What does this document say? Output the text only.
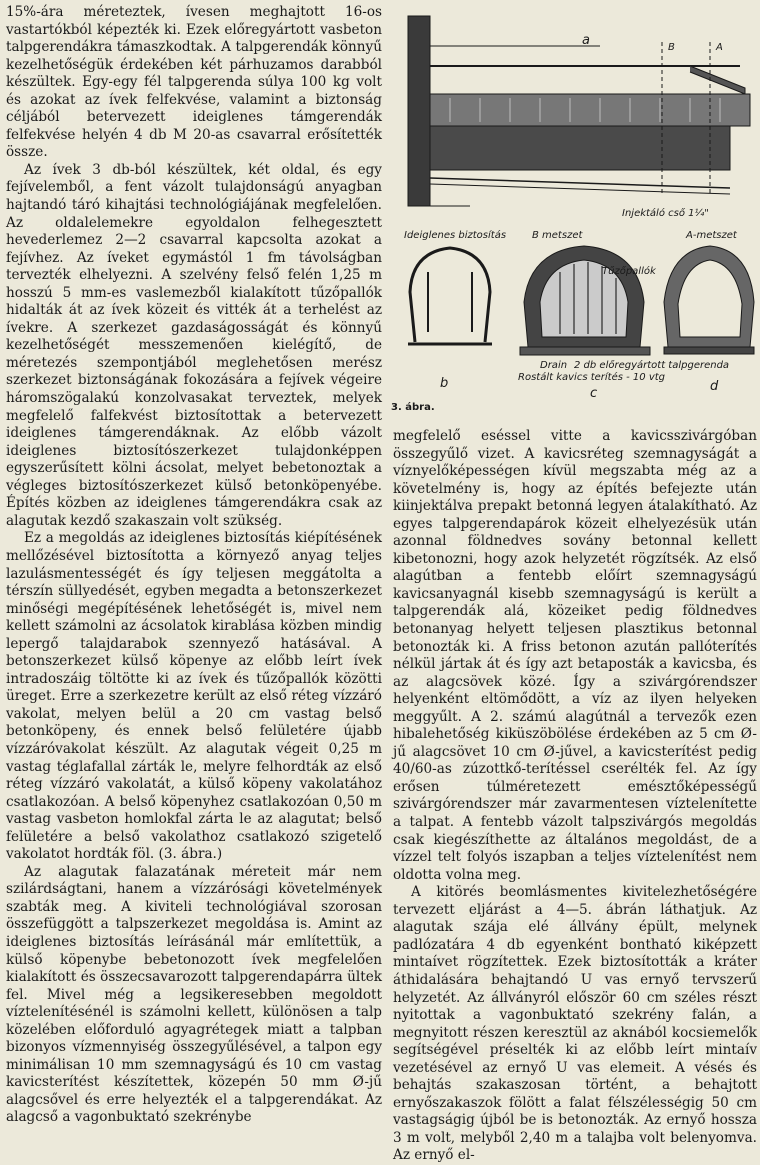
15%-ára méreteztek, ívesen meghajtott 16-os vastartókból képezték ki. Ezek előregyártott vasbeton talpgerendákra támaszkodtak. A talpgerendák könnyű kezelhetőségük érdekében két párhuzamos darabból készültek. Egy-egy fél talpgerenda súlya 100 kg volt és azokat az ívek felfekvése, valamint a biztonság céljából betervezett ideiglenes támgerendák felfekvése helyén 4 db M 20-as csavarral erősítették össze.

Az ívek 3 db-ból készültek, két oldal, és egy fejívelemből, a fent vázolt tulajdonságú anyagban hajtandó táró kihajtási technológiájának megfelelően. Az oldalelemekre egyoldalon felhegesztett hevederlemez 2—2 csavarral kapcsolta azokat a fejívhez. Az íveket egymástól 1 fm távolságban tervezték elhelyezni. A szelvény felső felén 1,25 m hosszú 5 mm-es vaslemezből kialakított tűzőpallók hidalták át az ívek közeit és vitték át a terhelést az ívekre. A szerkezet gazdaságosságát és könnyű kezelhetőségét messzemenően kielégítő, de méretezés szempontjából meglehetősen merész szerkezet biztonságának fokozására a fejívek végeire háromszögalakú konzolvasakat terveztek, melyek megfelelő falfekvést biztosítottak a betervezett ideiglenes támgerendáknak. Az előbb vázolt ideiglenes biztosítószerkezet tulajdonképpen egyszerűsített kölni ácsolat, melyet bebetonoztak a végleges biztosítószerkezet külső betonköpenyébe. Építés közben az ideiglenes támgerendákra csak az alagutak kezdő szakaszain volt szükség.

Ez a megoldás az ideiglenes biztosítás kiépítésének mellőzésével biztosította a környező anyag teljes lazulásmentességét és így teljesen meggátolta a térszín süllyedését, egyben megadta a betonszerkezet minőségi megépítésének lehetőségét is, mivel nem kellett számolni az ácsolatok kirablása közben mindig lepergő talajdarabok szennyező hatásával. A betonszerkezet külső köpenye az előbb leírt ívek intradoszáig töltötte ki az ívek és tűzőpallók közötti üreget. Erre a szerkezetre került az első réteg vízzáró vakolat, melyen belül a 20 cm vastag belső betonköpeny, és ennek belső felületére újabb vízzáróvakolat készült. Az alagutak végeit 0,25 m vastag téglafallal zárták le, melyre felhordták az első réteg vízzáró vakolatát, a külső köpeny vakolatához csatlakozóan. A belső köpenyhez csatlakozóan 0,50 m vastag vasbeton homlokfal zárta le az alagutat; belső felületére a belső vakolathoz csatlakozó szigetelő vakolatot hordták föl. (3. ábra.)

Az alagutak falazatának méreteit már nem szilárdságtani, hanem a vízzárósági követelmények szabták meg. A kiviteli technológiával szorosan összefüggött a talpszerkezet megoldása is. Amint az ideiglenes biztosítás leírásánál már említettük, a külső köpenybe bebetonozott ívek megfelelően kialakított és összecsavarozott talpgerendapárra ültek fel. Mivel még a legsikeresebben megoldott víztelenítésénél is számolni kellett, különösen a talp közelében előforduló agyagrétegek miatt a talpban bizonyos vízmennyiség összegyűlésével, a talpon egy minimálisan 10 mm szemnagyságú és 10 cm vastag kavicsterítést készítettek, közepén 50 mm Ø-jű alagcsővel és erre helyezték el a talpgerendákat. Az alagcső a vagonbuktató szekrénybe

a	B	A
Injektáló cső 1¼"
Ideiglenes biztosítás	B metszet	A-metszet
b
Tűzőpallók
Drain 2 db előregyártott talpgerenda
Rostált kavics terítés - 10 vtg
c	d
3. ábra.

megfelelő eséssel vitte a kavicsszivárgóban összegyűlő vizet. A kavicsréteg szemnagyságát a víznyelőképességen kívül megszabta még az a követelmény is, hogy az építés befejezte után kiinjektálva prepakt betonná legyen átalakítható. Az egyes talpgerendapárok közeit elhelyezésük után azonnal földnedves sovány betonnal kellett kibetonozni, hogy azok helyzetét rögzítsék. Az első alagútban a fentebb előírt szemnagyságú kavicsanyagnál kisebb szemnagyságú is került a talpgerendák alá, közeiket pedig földnedves betonanyag helyett teljesen plasztikus betonnal betonozták ki. A friss betonon azután pallóterítés nélkül jártak át és így azt betaposták a kavicsba, és az alagcsövek közé. Így a szivárgórendszer helyenként eltömődött, a víz az ilyen helyeken meggyűlt. A 2. számú alagútnál a tervezők ezen hibalehetőség kiküszöbölése érdekében az 5 cm Ø-jű alagcsövet 10 cm Ø-jűvel, a kavicsterítést pedig 40/60-as zúzottkő-terítéssel cserélték fel. Az így erősen túlméretezett emésztőképességű szivárgórendszer már zavarmentesen víztelenítette a talpat. A fentebb vázolt talpszivárgós megoldás csak kiegészíthette az általános megoldást, de a vízzel telt folyós iszapban a teljes víztelenítést nem oldotta volna meg.

A kitörés beomlásmentes kivitelezhetőségére tervezett eljárást a 4—5. ábrán láthatjuk. Az alagutak szája elé állvány épült, melynek padlózatára 4 db egyenként bontható kiképzett mintaívet rögzítettek. Ezek biztosították a kráter áthidalására behajtandó U vas ernyő tervszerű helyzetét. Az állványról először 60 cm széles részt nyitottak a vagonbuktató szekrény falán, a megnyitott részen keresztül az aknából kocsiemelők segítségével préselték ki az előbb leírt mintaív vezetésével az ernyő U vas elemeit. A vésés és behajtás szakaszosan történt, a behajtott ernyőszakaszok fölött a falat félszélességig 50 cm vastagságig újból be is betonozták. Az ernyő hossza 3 m volt, melyből 2,40 m a talajba volt belenyomva. Az ernyő el-
